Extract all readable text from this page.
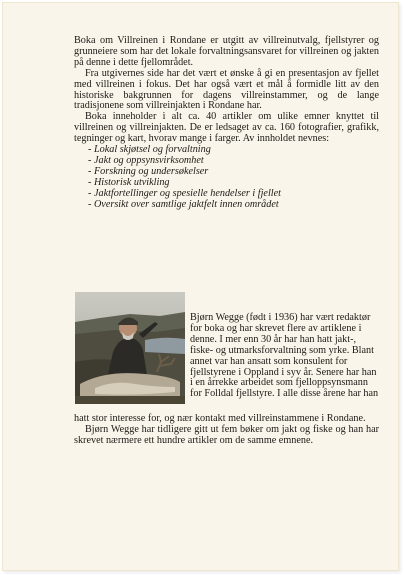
Boka om Villreinen i Rondane er utgitt av villreinutvalg, fjellstyrer og grunneiere som har det lokale forvaltningsansvaret for villreinen og jakten på denne i dette fjellområdet.

Fra utgivernes side har det vært et ønske å gi en presentasjon av fjellet med villreinen i fokus. Det har også vært et mål å formidle litt av den historiske bakgrunnen for dagens villreinstammer, og de lange tradisjonene som villreinjakten i Rondane har.

Boka inneholder i alt ca. 40 artikler om ulike emner knyttet til villreinen og villreinjakten. De er ledsaget av ca. 160 fotografier, grafikk, tegninger og kart, hvorav mange i farger. Av innholdet nevnes:

- Lokal skjøtsel og forvaltning
- Jakt og oppsynsvirksomhet
- Forskning og undersøkelser
- Historisk utvikling
- Jaktfortellinger og spesielle hendelser i fjellet
- Oversikt over samtlige jaktfelt innen området

Bjørn Wegge (født i 1936) har vært redaktør for boka og har skrevet flere av artiklene i denne. I mer enn 30 år har han hatt jakt-, fiske- og utmarksforvaltning som yrke. Blant annet var han ansatt som konsulent for fjellstyrene i Oppland i syv år. Senere har han i en årrekke arbeidet som fjelloppsynsmann for Folldal fjellstyre. I alle disse årene har han

hatt stor interesse for, og nær kontakt med villreinstammene i Rondane.

Bjørn Wegge har tidligere gitt ut fem bøker om jakt og fiske og han har skrevet nærmere ett hundre artikler om de samme emnene.
